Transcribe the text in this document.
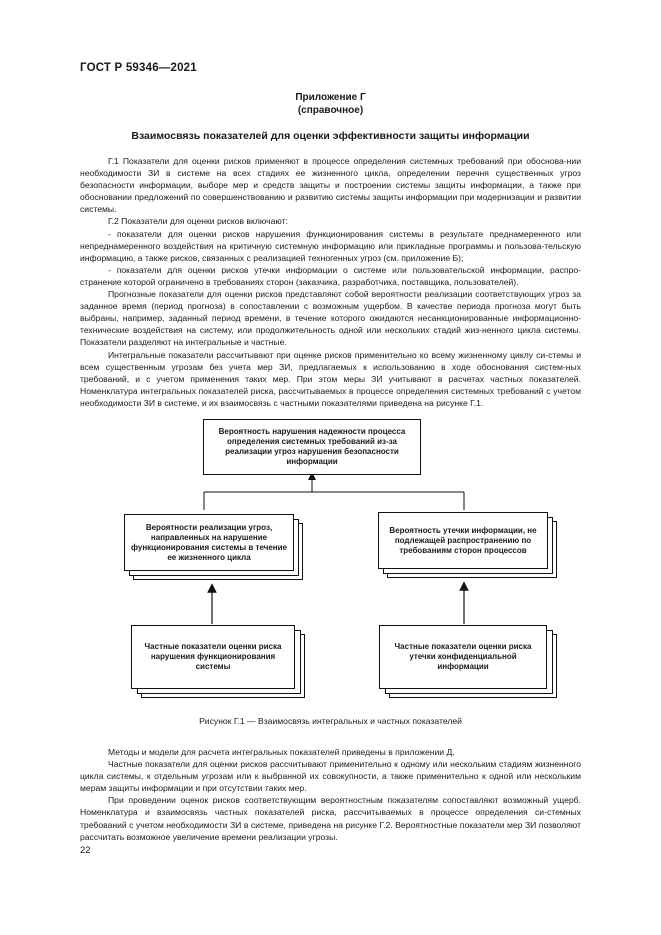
ГОСТ Р 59346—2021
Приложение Г
(справочное)
Взаимосвязь показателей для оценки эффективности защиты информации

Г.1 Показатели для оценки рисков применяют в процессе определения системных требований при обоснова-нии необходимости ЗИ в системе на всех стадиях ее жизненного цикла, определении перечня существенных угроз безопасности информации, выборе мер и средств защиты и построении системы защиты информации, а также при обосновании предложений по совершенствованию и развитию системы защиты информации при модернизации и развитии системы.

Г.2 Показатели для оценки рисков включают:

- показатели для оценки рисков нарушения функционирования системы в результате преднамеренного или непреднамеренного воздействия на критичную системную информацию или прикладные программы и пользова-тельскую информацию, а также рисков, связанных с реализацией техногенных угроз (см. приложение Б);

- показатели для оценки рисков утечки информации о системе или пользовательской информации, распро-странение которой ограничено в требованиях сторон (заказчика, разработчика, поставщика, пользователей).

Прогнозные показатели для оценки рисков представляют собой вероятности реализации соответствующих угроз за заданное время (период прогноза) в сопоставлении с возможным ущербом. В качестве периода прогноза могут быть выбраны, например, заданный период времени, в течение которого ожидаются несанкционированные информационно-технические воздействия на систему, или продолжительность одной или нескольких стадий жиз-ненного цикла системы. Показатели разделяют на интегральные и частные.

Интегральные показатели рассчитывают при оценке рисков применительно ко всему жизненному циклу си-стемы и всем существенным угрозам без учета мер ЗИ, предлагаемых к использованию в ходе обоснования систем-ных требований, и с учетом применения таких мер. При этом меры ЗИ учитывают в расчетах частных показателей. Номенклатура интегральных показателей риска, рассчитываемых в процессе определения системных требований с учетом необходимости ЗИ в системе, и их взаимосвязь с частными показателями приведена на рисунке Г.1.

Вероятность нарушения надежности процесса определения системных требований из-за реализации угроз нарушения безопасности информации
Вероятности реализации угроз, направленных на нарушение функционирования системы в течение ее жизненного цикла
Вероятность утечки информации, не подлежащей распространению по требованиям сторон процессов
Частные показатели оценки риска нарушения функционирования системы
Частные показатели оценки риска утечки конфиденциальной информации
Рисунок Г.1 — Взаимосвязь интегральных и частных показателей

Методы и модели для расчета интегральных показателей приведены в приложении Д.

Частные показатели для оценки рисков рассчитывают применительно к одному или нескольким стадиям жизненного цикла системы, к отдельным угрозам или к выбранной их совокупности, а также применительно к одной или нескольким мерам защиты информации и при отсутствии таких мер.

При проведении оценок рисков соответствующим вероятностным показателям сопоставляют возможный ущерб. Номенклатура и взаимосвязь частных показателей риска, рассчитываемых в процессе определения си-стемных требований с учетом необходимости ЗИ в системе, приведена на рисунке Г.2. Вероятностные показатели мер ЗИ позволяют рассчитать возможное увеличение времени реализации угрозы.

22
